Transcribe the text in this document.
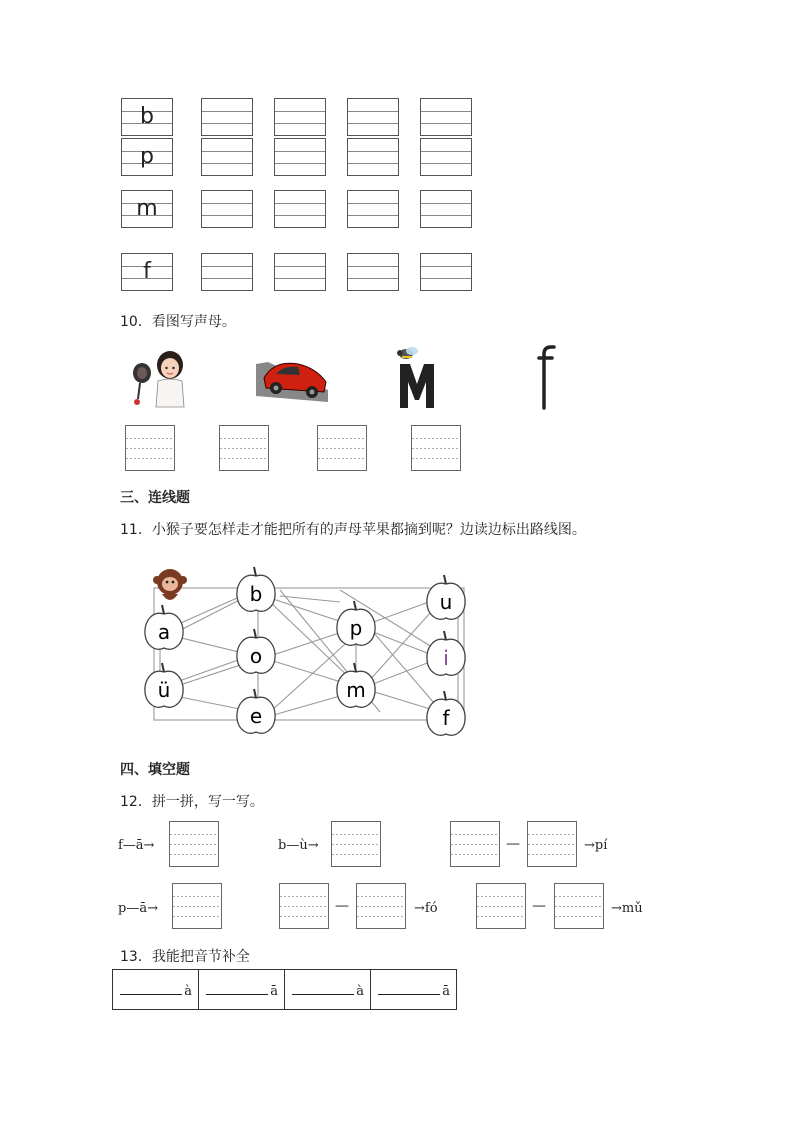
b
p
m
f
10．看图写声母。
三、连线题
11．小猴子要怎样走才能把所有的声母苹果都摘到呢？边读边标出路线图。
a
ü
b
o
e
p
m
u
i
f
四、填空题
12．拼一拼，写一写。
f—ā→	b—ù→	—	→pí
p—ā→	—	→fó	—	→mǔ
13．我能把音节补全
à	ā	à	ā
